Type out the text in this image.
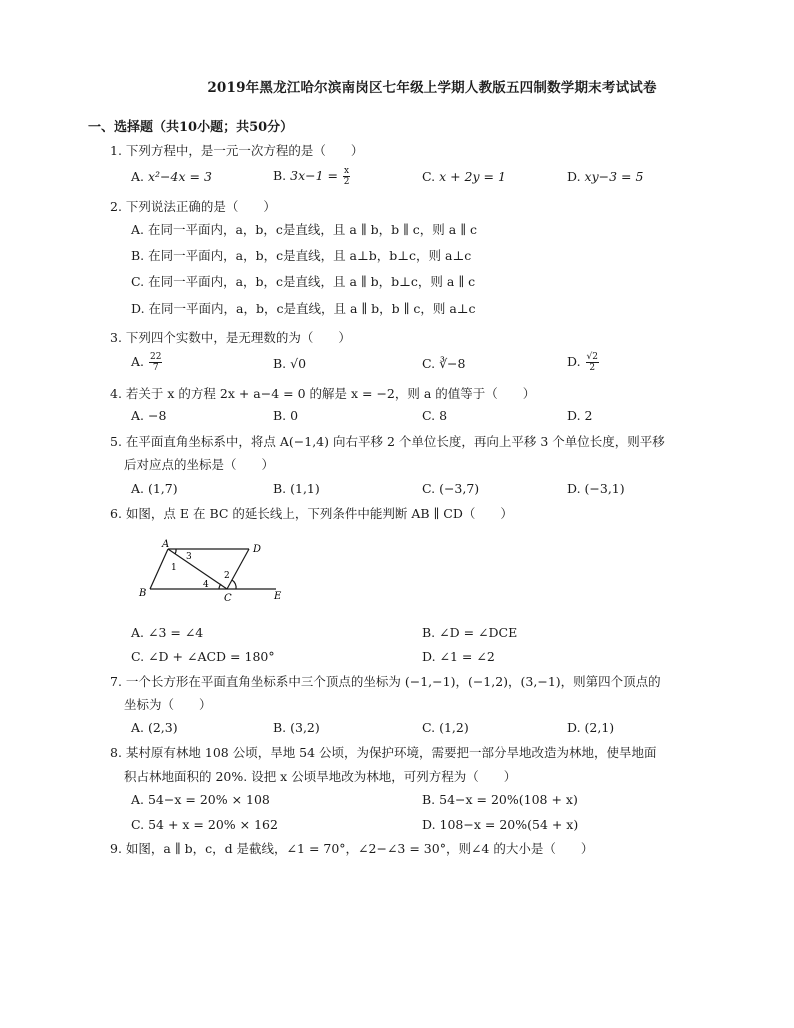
2019年黑龙江哈尔滨南岗区七年级上学期人教版五四制数学期末考试试卷
一、选择题（共10小题；共50分）
1. 下列方程中，是一元一次方程的是（　　）
A. x²−4x = 3	B. $3x-1 = \frac{x}{2}$	C. x + 2y = 1	D. xy−3 = 5
2. 下列说法正确的是（　　）
A. 在同一平面内，a，b，c是直线，且 a ∥ b，b ∥ c，则 a ∥ c
B. 在同一平面内，a，b，c是直线，且 a⊥b，b⊥c，则 a⊥c
C. 在同一平面内，a，b，c是直线，且 a ∥ b，b⊥c，则 a ∥ c
D. 在同一平面内，a，b，c是直线，且 a ∥ b，b ∥ c，则 a⊥c
3. 下列四个实数中，是无理数的为（　　）
A. $\frac{22}{7}$	B. √0	C. ∛−8	D. $\frac{√2}{2}$
4. 若关于 x 的方程 2x + a−4 = 0 的解是 x = −2，则 a 的值等于（　　）
A. −8	B. 0	C. 8	D. 2
5. 在平面直角坐标系中，将点 A(−1,4) 向右平移 2 个单位长度，再向上平移 3 个单位长度，则平移
后对应点的坐标是（　　）
A. (1,7)	B. (1,1)	C. (−3,7)	D. (−3,1)
6. 如图，点 E 在 BC 的延长线上，下列条件中能判断 AB ∥ CD（　　）
A	D
B	C	E
1
2
3
4
A. ∠3 = ∠4	B. ∠D = ∠DCE
C. ∠D + ∠ACD = 180°	D. ∠1 = ∠2
7. 一个长方形在平面直角坐标系中三个顶点的坐标为 (−1,−1)，(−1,2)，(3,−1)，则第四个顶点的
坐标为（　　）
A. (2,3)	B. (3,2)	C. (1,2)	D. (2,1)
8. 某村原有林地 108 公顷，旱地 54 公顷，为保护环境，需要把一部分旱地改造为林地，使旱地面
积占林地面积的 20%. 设把 x 公顷旱地改为林地，可列方程为（　　）
A. 54−x = 20% × 108	B. 54−x = 20%(108 + x)
C. 54 + x = 20% × 162	D. 108−x = 20%(54 + x)
9. 如图，a ∥ b，c，d 是截线，∠1 = 70°，∠2−∠3 = 30°，则∠4 的大小是（　　）
